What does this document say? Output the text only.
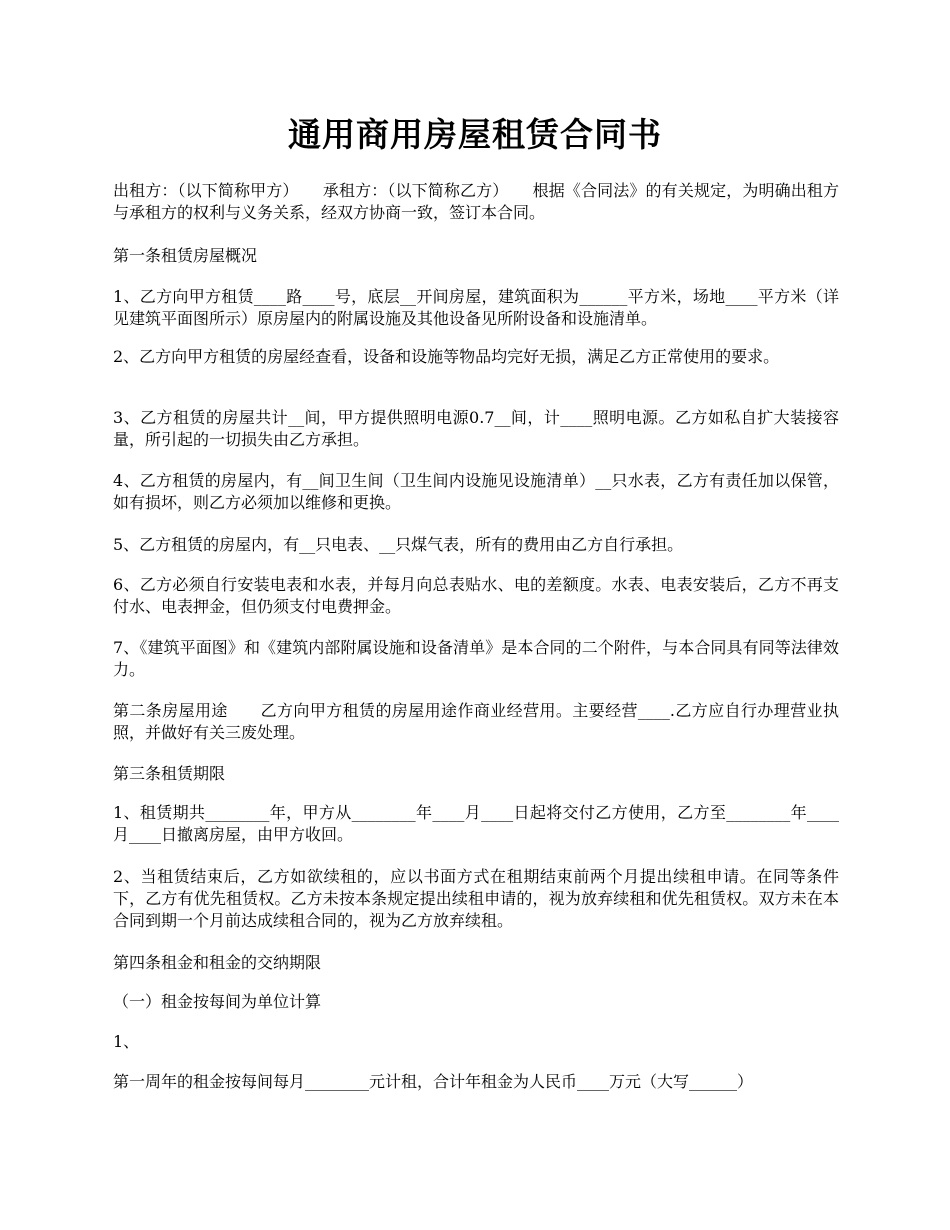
通用商用房屋租赁合同书

出租方：（以下简称甲方）　　承租方：（以下简称乙方）　　根据《合同法》的有关规定，为明确出租方与承租方的权利与义务关系，经双方协商一致，签订本合同。

第一条租赁房屋概况

1、乙方向甲方租赁____路____号，底层__开间房屋，建筑面积为______平方米，场地____平方米（详见建筑平面图所示）原房屋内的附属设施及其他设备见所附设备和设施清单。

2、乙方向甲方租赁的房屋经查看，设备和设施等物品均完好无损，满足乙方正常使用的要求。

3、乙方租赁的房屋共计__间，甲方提供照明电源0.7__间，计____照明电源。乙方如私自扩大装接容量，所引起的一切损失由乙方承担。

4、乙方租赁的房屋内，有__间卫生间（卫生间内设施见设施清单）__只水表，乙方有责任加以保管，如有损坏，则乙方必须加以维修和更换。

5、乙方租赁的房屋内，有__只电表、__只煤气表，所有的费用由乙方自行承担。

6、乙方必须自行安装电表和水表，并每月向总表贴水、电的差额度。水表、电表安装后，乙方不再支付水、电表押金，但仍须支付电费押金。

7、《建筑平面图》和《建筑内部附属设施和设备清单》是本合同的二个附件，与本合同具有同等法律效力。

第二条房屋用途　　乙方向甲方租赁的房屋用途作商业经营用。主要经营____.乙方应自行办理营业执照，并做好有关三废处理。

第三条租赁期限

1、租赁期共________年，甲方从________年____月____日起将交付乙方使用，乙方至________年____月____日撤离房屋，由甲方收回。

2、当租赁结束后，乙方如欲续租的，应以书面方式在租期结束前两个月提出续租申请。在同等条件下，乙方有优先租赁权。乙方未按本条规定提出续租申请的，视为放弃续租和优先租赁权。双方未在本合同到期一个月前达成续租合同的，视为乙方放弃续租。

第四条租金和租金的交纳期限

（一）租金按每间为单位计算

1、

第一周年的租金按每间每月________元计租，合计年租金为人民币____万元（大写______）
